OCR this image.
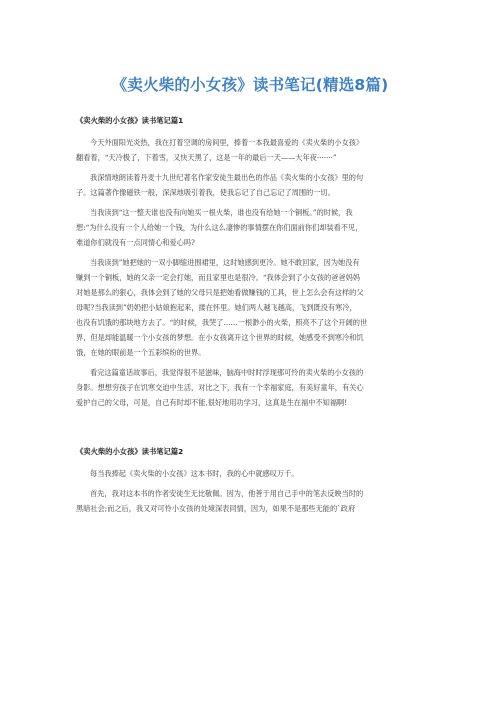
《卖火柴的小女孩》读书笔记(精选8篇)
《卖火柴的小女孩》读书笔记篇1

今天外面阳光炎热，我在打着空调的房间里，捧着一本我最喜爱的《卖火柴的小女孩》
翻看着，“天冷极了，下着雪，又快天黑了，这是一年的最后一天——大年夜·······”

我深情地朗读着丹麦十九世纪著名作家安徒生最出色的作品《卖火柴的小女孩》里的句
子。这篇著作像磁铁一般，深深地吸引着我，使我忘记了自己忘记了周围的一切。

当我读到“这一整天谁也没有向她买一根火柴，谁也没有给她一个铜板。”的时候，我
想:“为什么没有一个人给她一个钱，为什么这么凄惨的事情摆在你们面前你们却装看不见，
难道你们就没有一点同情心和爱心吗?

当我读到”她把她的一双小脚缩进围裙里，这时她感到更冷。她不敢回家，因为她没有
赚到一个铜板，她的父亲一定会打她，而且家里也是很冷。“我体会到了小女孩的爸爸妈妈
对她是那么的狠心，我体会到了她的父母只是把她看做赚钱的工具，世上怎么会有这样的父
母呢?当我读到”奶奶把小姑娘抱起来，搂在怀里。她们两人越飞越高，飞到既没有寒冷，
也没有饥饿的那块地方去了。“的时候，我哭了……一根渺小的火柴，照亮不了这个开阔的世
界，但是却能温暖一个小女孩的梦想。在小女孩离开这个世界的时候，她感受不到寒冷和饥
饿，在她的眼前是一个五彩缤纷的世界。

看完这篇童话故事后，我觉得很不是滋味，脑海中时时浮现那可怜的卖火柴的小女孩的
身影。想想穷孩子在饥寒交迫中生活，对比之下，我有一个幸福家庭，有美好童年，有关心
爱护自己的父母，可是，自己有时却不能,很好地用功学习，这真是生在福中不知福啊!

《卖火柴的小女孩》读书笔记篇2

每当我捧起《卖火柴的小女孩》这本书时，我的心中就感叹万千。

首先，我对这本书的作者安徒生无比敬佩。因为，他善于用自己手中的笔去反映当时的
黑暗社会;而之后，我又对可怜小女孩的处境深表同情，因为，如果不是那些无能的`政府
